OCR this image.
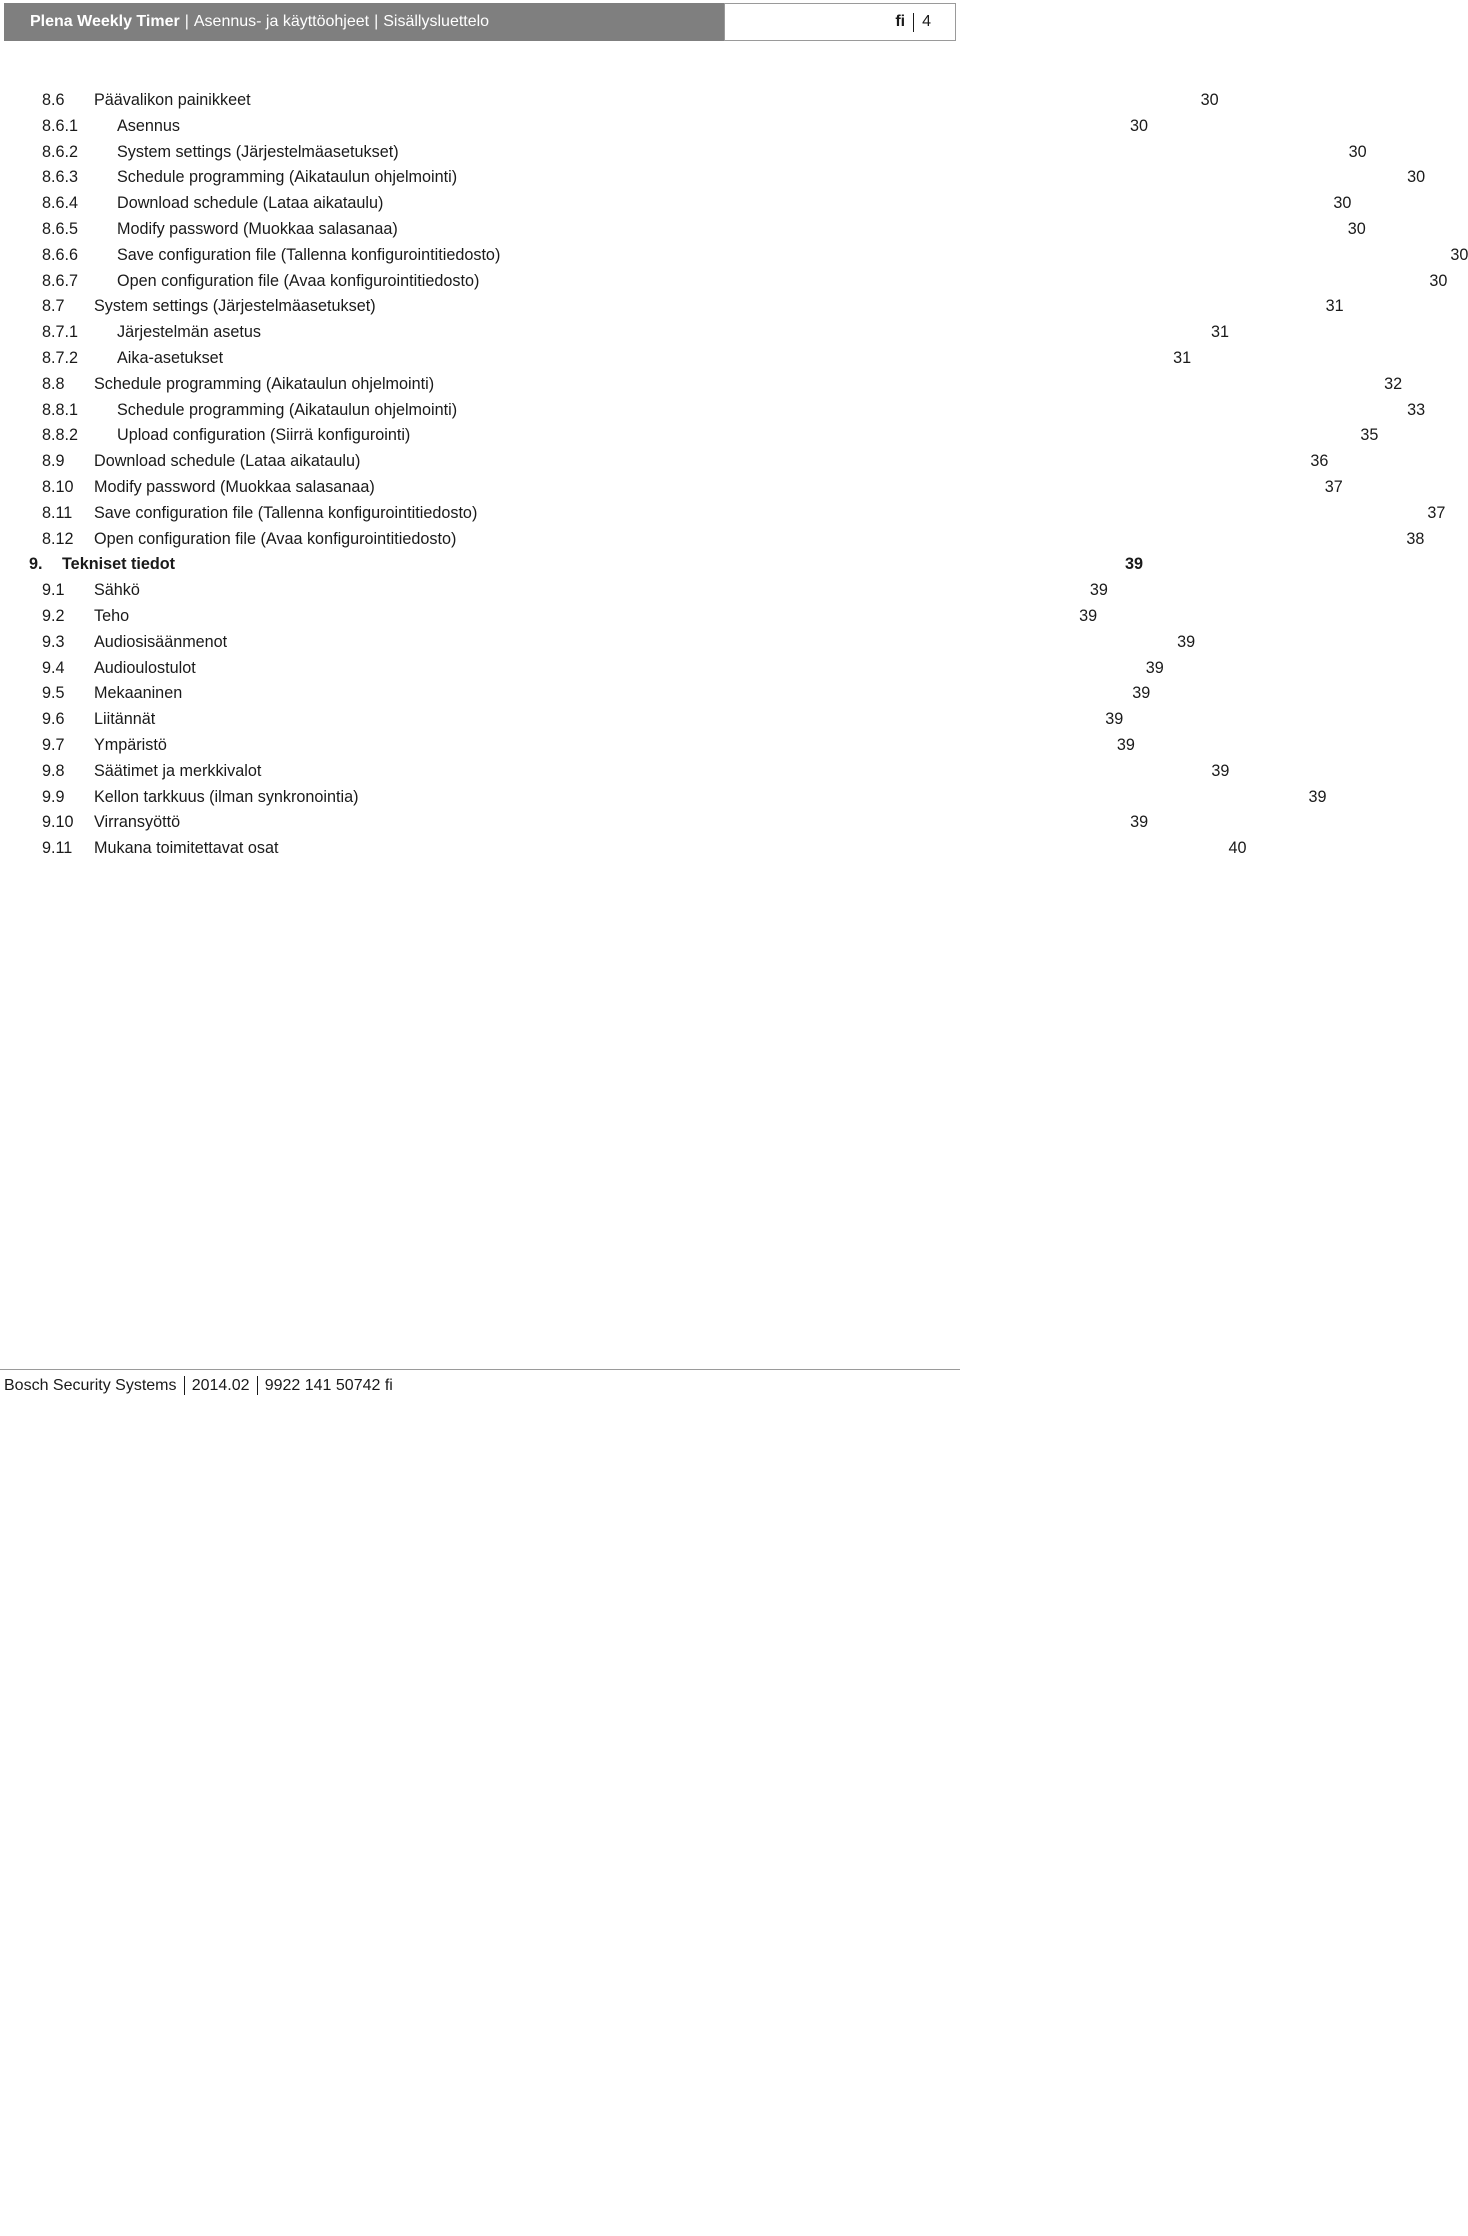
Plena Weekly Timer | Asennus- ja käyttöohjeet | Sisällysluettelo	fi 4
8.6 Päävalikon painikkeet	30
8.6.1 Asennus	30
8.6.2 System settings (Järjestelmäasetukset)	30
8.6.3 Schedule programming (Aikataulun ohjelmointi)	30
8.6.4 Download schedule (Lataa aikataulu)	30
8.6.5 Modify password (Muokkaa salasanaa)	30
8.6.6 Save configuration file (Tallenna konfigurointitiedosto)	30
8.6.7 Open configuration file (Avaa konfigurointitiedosto)	30
8.7 System settings (Järjestelmäasetukset)	31
8.7.1 Järjestelmän asetus	31
8.7.2 Aika-asetukset	31
8.8 Schedule programming (Aikataulun ohjelmointi)	32
8.8.1 Schedule programming (Aikataulun ohjelmointi)	33
8.8.2 Upload configuration (Siirrä konfigurointi)	35
8.9 Download schedule (Lataa aikataulu)	36
8.10 Modify password (Muokkaa salasanaa)	37
8.11 Save configuration file (Tallenna konfigurointitiedosto)	37
8.12 Open configuration file (Avaa konfigurointitiedosto)	38
9. Tekniset tiedot	39
9.1 Sähkö	39
9.2 Teho	39
9.3 Audiosisäänmenot	39
9.4 Audioulostulot	39
9.5 Mekaaninen	39
9.6 Liitännät	39
9.7 Ympäristö	39
9.8 Säätimet ja merkkivalot	39
9.9 Kellon tarkkuus (ilman synkronointia)	39
9.10 Virransyöttö	39
9.11 Mukana toimitettavat osat	40
Bosch Security Systems 2014.02 9922 141 50742 fi
